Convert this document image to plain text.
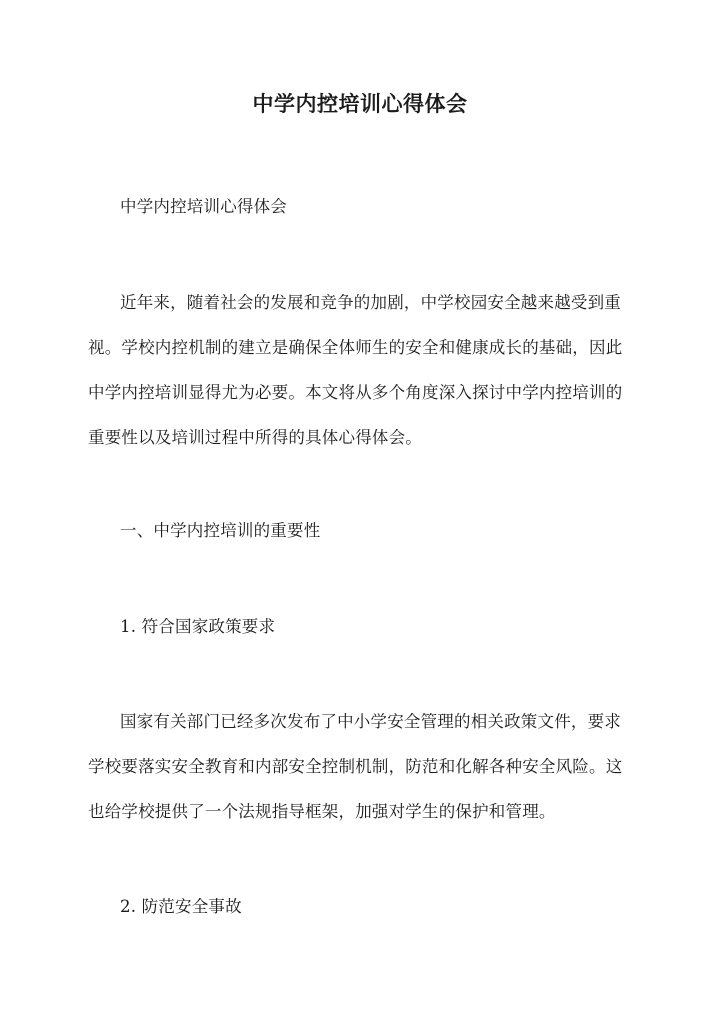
中学内控培训心得体会
中学内控培训心得体会
近年来，随着社会的发展和竞争的加剧，中学校园安全越来越受到重
视。学校内控机制的建立是确保全体师生的安全和健康成长的基础，因此
中学内控培训显得尤为必要。本文将从多个角度深入探讨中学内控培训的
重要性以及培训过程中所得的具体心得体会。
一、中学内控培训的重要性
1. 符合国家政策要求
国家有关部门已经多次发布了中小学安全管理的相关政策文件，要求
学校要落实安全教育和内部安全控制机制，防范和化解各种安全风险。这
也给学校提供了一个法规指导框架，加强对学生的保护和管理。
2. 防范安全事故
